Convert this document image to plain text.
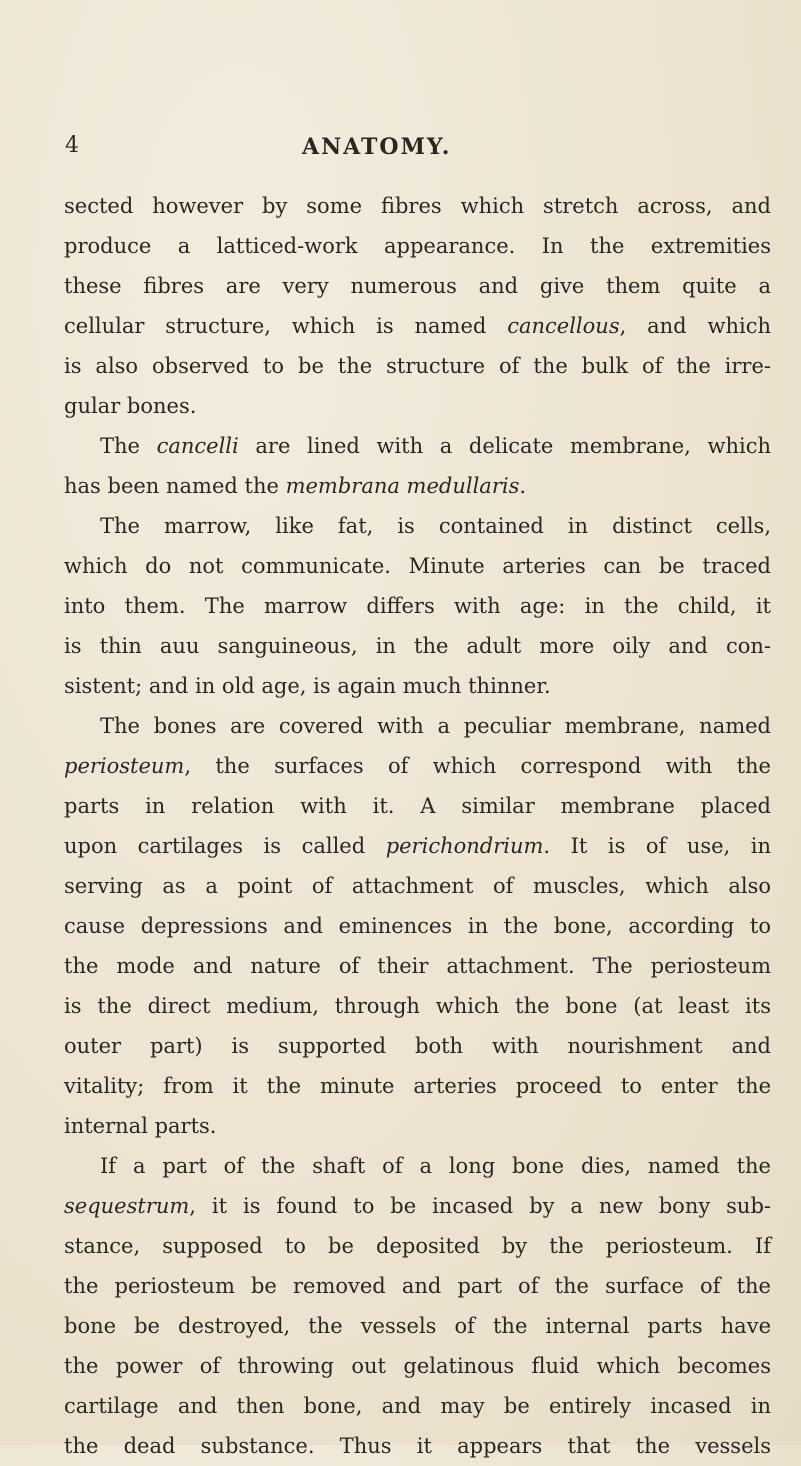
4	ANATOMY.
sected however by some fibres which stretch across, and
produce a latticed-work appearance. In the extremities
these fibres are very numerous and give them quite a
cellular structure, which is named cancellous, and which
is also observed to be the structure of the bulk of the irre-
gular bones.
The cancelli are lined with a delicate membrane, which
has been named the membrana medullaris.
The marrow, like fat, is contained in distinct cells,
which do not communicate. Minute arteries can be traced
into them. The marrow differs with age: in the child, it
is thin auu sanguineous, in the adult more oily and con-
sistent; and in old age, is again much thinner.
The bones are covered with a peculiar membrane, named
periosteum, the surfaces of which correspond with the
parts in relation with it. A similar membrane placed
upon cartilages is called perichondrium. It is of use, in
serving as a point of attachment of muscles, which also
cause depressions and eminences in the bone, according to
the mode and nature of their attachment. The periosteum
is the direct medium, through which the bone (at least its
outer part) is supported both with nourishment and
vitality; from it the minute arteries proceed to enter the
internal parts.
If a part of the shaft of a long bone dies, named the
sequestrum, it is found to be incased by a new bony sub-
stance, supposed to be deposited by the periosteum. If
the periosteum be removed and part of the surface of the
bone be destroyed, the vessels of the internal parts have
the power of throwing out gelatinous fluid which becomes
cartilage and then bone, and may be entirely incased in
the dead substance. Thus it appears that the vessels
